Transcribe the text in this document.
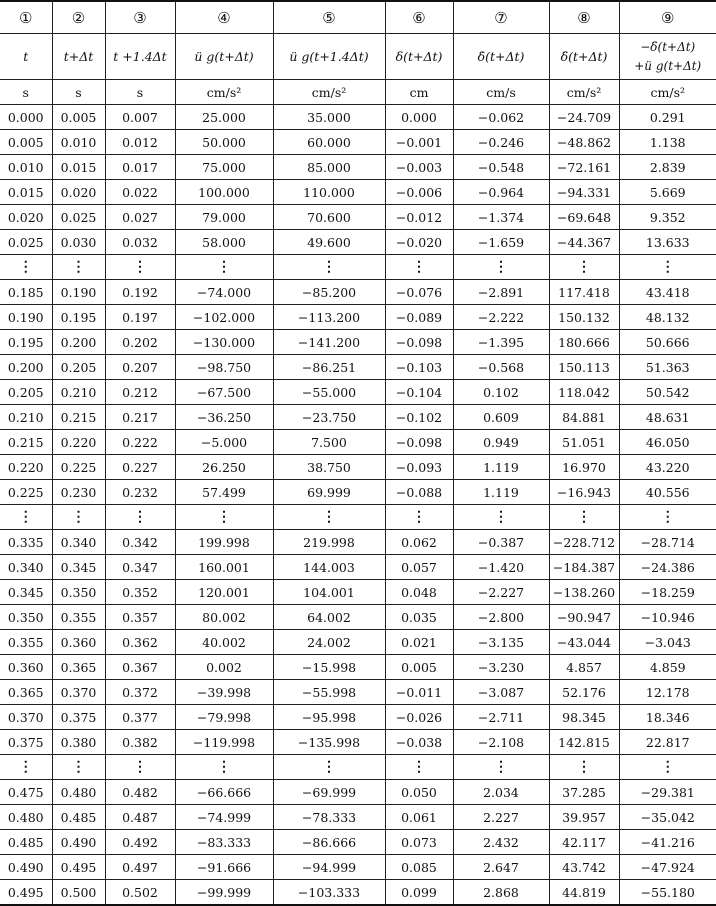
①	②	③	④	⑤	⑥	⑦	⑧	⑨
t	t+Δt	t +1.4Δt	ü g(t+Δt)	ü g(t+1.4Δt)	δ(t+Δt)	δ̇(t+Δt)	δ̈(t+Δt)	−δ̈(t+Δt)
+ü g(t+Δt)

s	s	s	cm/s²	cm/s²	cm	cm/s	cm/s²	cm/s²
0.000	0.005	0.007	25.000	35.000	0.000	−0.062	−24.709	0.291
0.005	0.010	0.012	50.000	60.000	−0.001	−0.246	−48.862	1.138
0.010	0.015	0.017	75.000	85.000	−0.003	−0.548	−72.161	2.839
0.015	0.020	0.022	100.000	110.000	−0.006	−0.964	−94.331	5.669
0.020	0.025	0.027	79.000	70.600	−0.012	−1.374	−69.648	9.352
0.025	0.030	0.032	58.000	49.600	−0.020	−1.659	−44.367	13.633
⋮	⋮	⋮	⋮	⋮	⋮	⋮	⋮	⋮
0.185	0.190	0.192	−74.000	−85.200	−0.076	−2.891	117.418	43.418
0.190	0.195	0.197	−102.000	−113.200	−0.089	−2.222	150.132	48.132
0.195	0.200	0.202	−130.000	−141.200	−0.098	−1.395	180.666	50.666
0.200	0.205	0.207	−98.750	−86.251	−0.103	−0.568	150.113	51.363
0.205	0.210	0.212	−67.500	−55.000	−0.104	0.102	118.042	50.542
0.210	0.215	0.217	−36.250	−23.750	−0.102	0.609	84.881	48.631
0.215	0.220	0.222	−5.000	7.500	−0.098	0.949	51.051	46.050
0.220	0.225	0.227	26.250	38.750	−0.093	1.119	16.970	43.220
0.225	0.230	0.232	57.499	69.999	−0.088	1.119	−16.943	40.556
⋮	⋮	⋮	⋮	⋮	⋮	⋮	⋮	⋮
0.335	0.340	0.342	199.998	219.998	0.062	−0.387	−228.712	−28.714
0.340	0.345	0.347	160.001	144.003	0.057	−1.420	−184.387	−24.386
0.345	0.350	0.352	120.001	104.001	0.048	−2.227	−138.260	−18.259
0.350	0.355	0.357	80.002	64.002	0.035	−2.800	−90.947	−10.946
0.355	0.360	0.362	40.002	24.002	0.021	−3.135	−43.044	−3.043
0.360	0.365	0.367	0.002	−15.998	0.005	−3.230	4.857	4.859
0.365	0.370	0.372	−39.998	−55.998	−0.011	−3.087	52.176	12.178
0.370	0.375	0.377	−79.998	−95.998	−0.026	−2.711	98.345	18.346
0.375	0.380	0.382	−119.998	−135.998	−0.038	−2.108	142.815	22.817
⋮	⋮	⋮	⋮	⋮	⋮	⋮	⋮	⋮
0.475	0.480	0.482	−66.666	−69.999	0.050	2.034	37.285	−29.381
0.480	0.485	0.487	−74.999	−78.333	0.061	2.227	39.957	−35.042
0.485	0.490	0.492	−83.333	−86.666	0.073	2.432	42.117	−41.216
0.490	0.495	0.497	−91.666	−94.999	0.085	2.647	43.742	−47.924
0.495	0.500	0.502	−99.999	−103.333	0.099	2.868	44.819	−55.180
